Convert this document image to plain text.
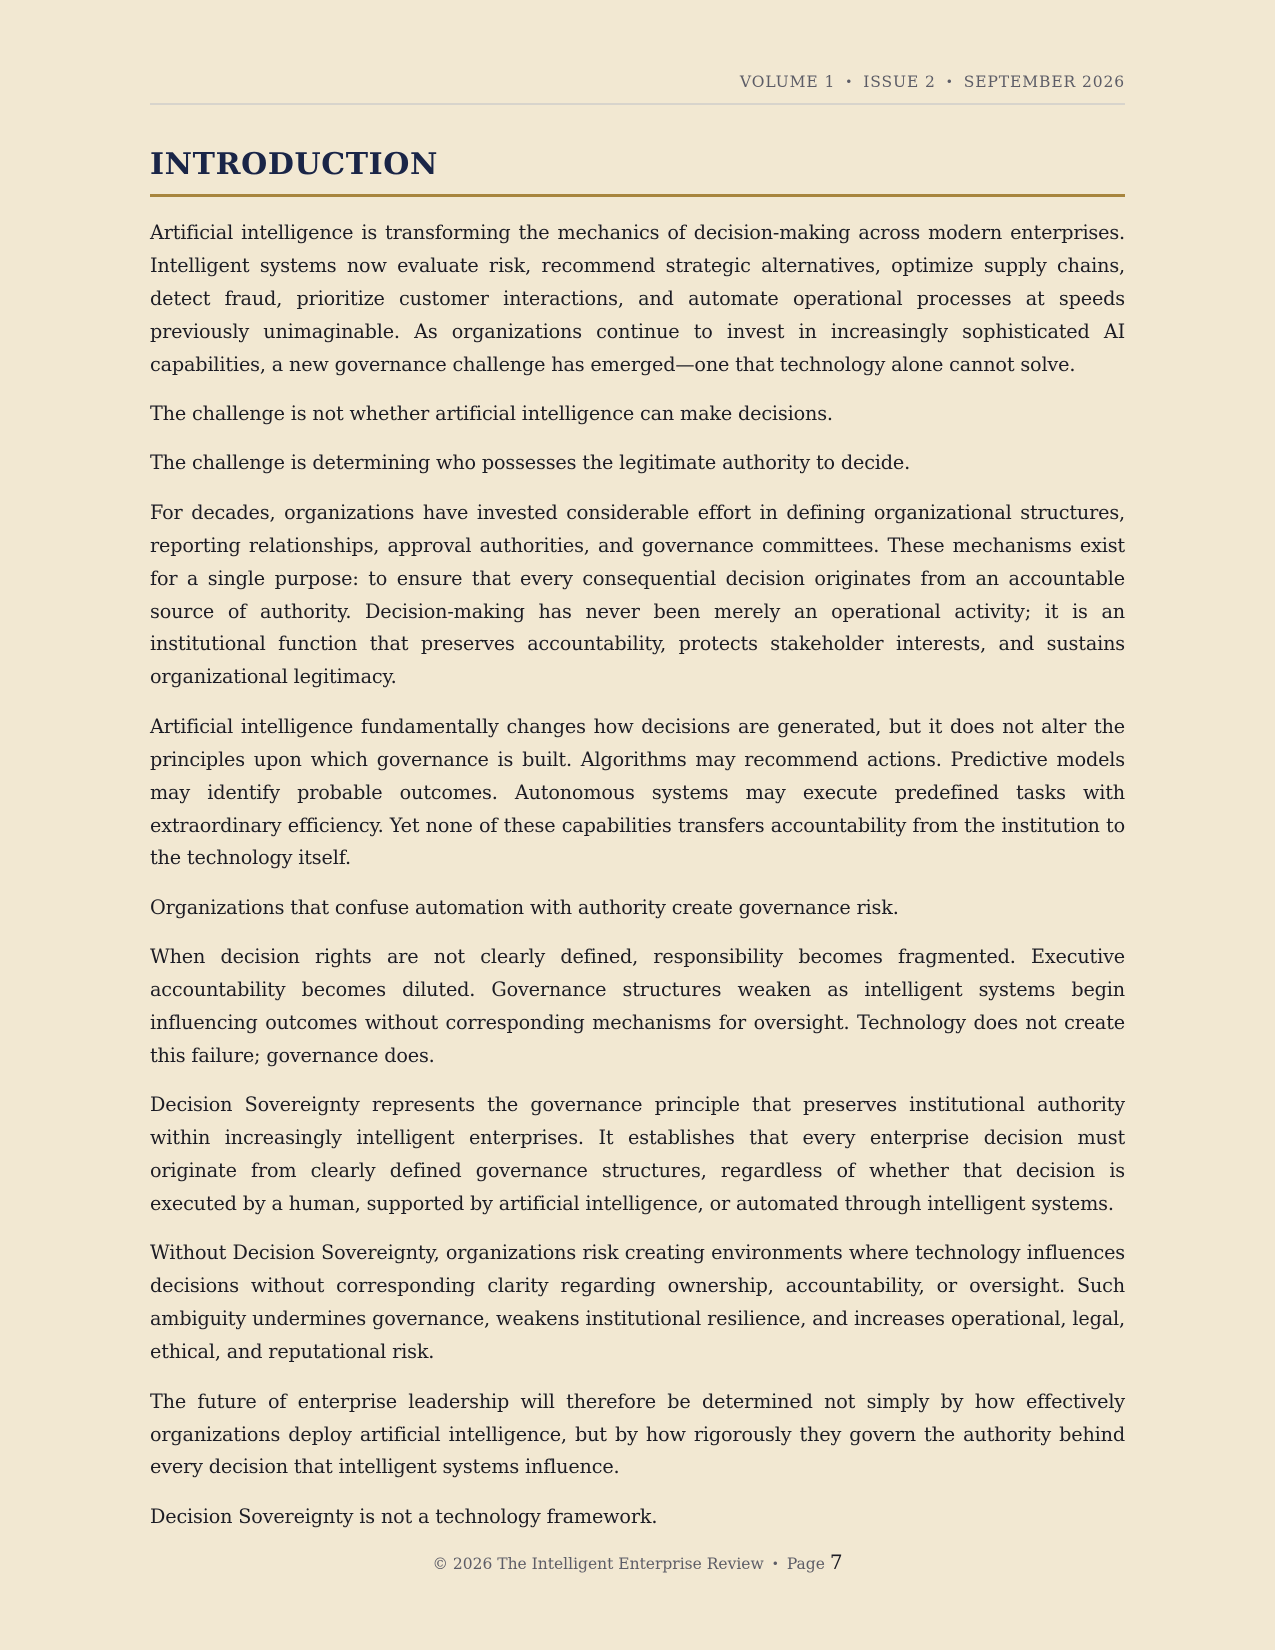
VOLUME 1 • ISSUE 2 • SEPTEMBER 2026
INTRODUCTION

Artificial intelligence is transforming the mechanics of decision-making across modern enterprises. Intelligent systems now evaluate risk, recommend strategic alternatives, optimize supply chains, detect fraud, prioritize customer interactions, and automate operational processes at speeds previously unimaginable. As organizations continue to invest in increasingly sophisticated AI capabilities, a new governance challenge has emerged—one that technology alone cannot solve.

The challenge is not whether artificial intelligence can make decisions.

The challenge is determining who possesses the legitimate authority to decide.

For decades, organizations have invested considerable effort in defining organizational structures, reporting relationships, approval authorities, and governance committees. These mechanisms exist for a single purpose: to ensure that every consequential decision originates from an accountable source of authority. Decision-making has never been merely an operational activity; it is an institutional function that preserves accountability, protects stakeholder interests, and sustains organizational legitimacy.

Artificial intelligence fundamentally changes how decisions are generated, but it does not alter the principles upon which governance is built. Algorithms may recommend actions. Predictive models may identify probable outcomes. Autonomous systems may execute predefined tasks with extraordinary efficiency. Yet none of these capabilities transfers accountability from the institution to the technology itself.

Organizations that confuse automation with authority create governance risk.

When decision rights are not clearly defined, responsibility becomes fragmented. Executive accountability becomes diluted. Governance structures weaken as intelligent systems begin influencing outcomes without corresponding mechanisms for oversight. Technology does not create this failure; governance does.

Decision Sovereignty represents the governance principle that preserves institutional authority within increasingly intelligent enterprises. It establishes that every enterprise decision must originate from clearly defined governance structures, regardless of whether that decision is executed by a human, supported by artificial intelligence, or automated through intelligent systems.

Without Decision Sovereignty, organizations risk creating environments where technology influences decisions without corresponding clarity regarding ownership, accountability, or oversight. Such ambiguity undermines governance, weakens institutional resilience, and increases operational, legal, ethical, and reputational risk.

The future of enterprise leadership will therefore be determined not simply by how effectively organizations deploy artificial intelligence, but by how rigorously they govern the authority behind every decision that intelligent systems influence.

Decision Sovereignty is not a technology framework.

© 2026 The Intelligent Enterprise Review • Page 7
